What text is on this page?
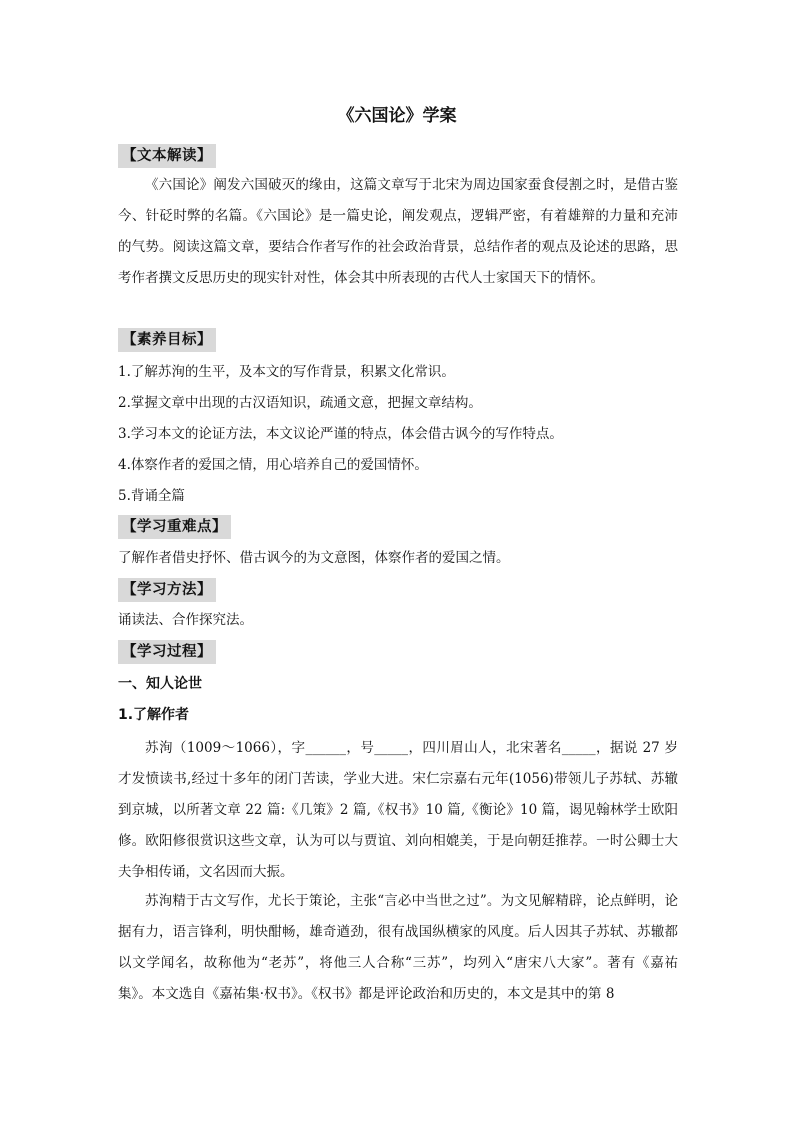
《六国论》学案
【文本解读】

《六国论》阐发六国破灭的缘由，这篇文章写于北宋为周边国家蚕食侵割之时，是借古鉴今、针砭时弊的名篇。《六国论》是一篇史论，阐发观点，逻辑严密，有着雄辩的力量和充沛的气势。阅读这篇文章，要结合作者写作的社会政治背景，总结作者的观点及论述的思路，思考作者撰文反思历史的现实针对性，体会其中所表现的古代人士家国天下的情怀。

【素养目标】
1.了解苏洵的生平，及本文的写作背景，积累文化常识。
2.掌握文章中出现的古汉语知识，疏通文意，把握文章结构。
3.学习本文的论证方法，本文议论严谨的特点，体会借古讽今的写作特点。
4.体察作者的爱国之情，用心培养自己的爱国情怀。
5.背诵全篇
【学习重难点】
了解作者借史抒怀、借古讽今的为文意图，体察作者的爱国之情。
【学习方法】
诵读法、合作探究法。
【学习过程】
一、知人论世
1.了解作者

苏洵（1009～1066），字______，号_____，四川眉山人，北宋著名_____，据说 27 岁才发愤读书,经过十多年的闭门苦读，学业大进。宋仁宗嘉右元年(1056)带领儿子苏轼、苏辙到京城，以所著文章 22 篇:《几策》2 篇,《权书》10 篇,《衡论》10 篇，谒见翰林学士欧阳修。欧阳修很赏识这些文章，认为可以与贾谊、刘向相媲美，于是向朝廷推荐。一时公卿士大夫争相传诵，文名因而大振。

苏洵精于古文写作，尤长于策论，主张“言必中当世之过”。为文见解精辟，论点鲜明，论据有力，语言锋利，明快酣畅，雄奇遒劲，很有战国纵横家的风度。后人因其子苏轼、苏辙都以文学闻名，故称他为“老苏”，将他三人合称“三苏”，均列入“唐宋八大家”。著有《嘉祐集》。本文选自《嘉祐集·权书》。《权书》都是评论政治和历史的，本文是其中的第 8
